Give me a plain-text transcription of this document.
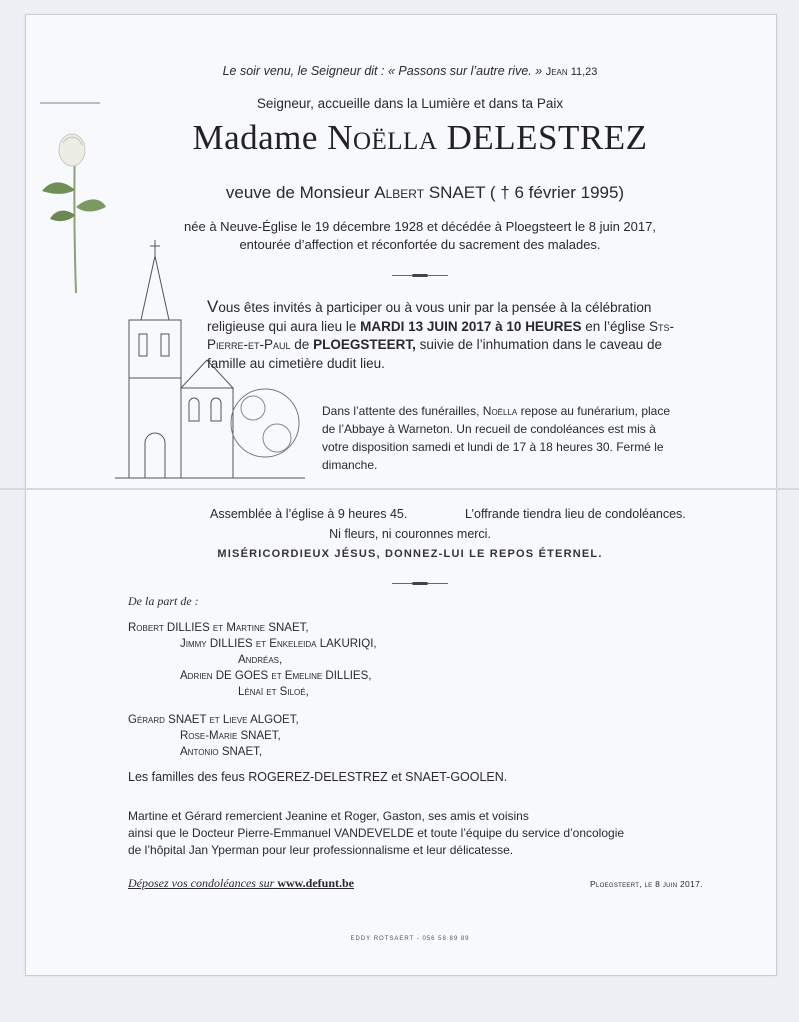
Le soir venu, le Seigneur dit : « Passons sur l’autre rive. » Jean 11,23

Seigneur, accueille dans la Lumière et dans ta Paix

Madame Noëlla DELESTREZ

veuve de Monsieur Albert SNAET ( † 6 février 1995)

née à Neuve-Église le 19 décembre 1928 et décédée à Ploegsteert le 8 juin 2017,

entourée d’affection et réconfortée du sacrement des malades.

Vous êtes invités à participer ou à vous unir par la pensée à la célébration religieuse qui aura lieu le MARDI 13 JUIN 2017 à 10 HEURES en l’église Sts-Pierre-et-Paul de PLOEGSTEERT, suivie de l’inhumation dans le caveau de famille au cimetière dudit lieu.

Dans l’attente des funérailles, Noëlla repose au funérarium, place de l’Abbaye à Warneton. Un recueil de condoléances est mis à votre disposition samedi et lundi de 17 à 18 heures 30. Fermé le dimanche.

Assemblée à l’église à 9 heures 45.	L’offrande tiendra lieu de condoléances.

Ni fleurs, ni couronnes merci.

MISÉRICORDIEUX JÉSUS, DONNEZ-LUI LE REPOS ÉTERNEL.

De la part de :

Robert DILLIES et Martine SNAET,

Jimmy DILLIES et Enkeleida LAKURIQI,

Andréas,

Adrien DE GOES et Emeline DILLIES,

Lénaï et Siloé,

Gérard SNAET et Lieve ALGOET,

Rose-Marie SNAET,

Antonio SNAET,

Les familles des feus ROGEREZ-DELESTREZ et SNAET-GOOLEN.

Martine et Gérard remercient Jeanine et Roger, Gaston, ses amis et voisins
ainsi que le Docteur Pierre-Emmanuel VANDEVELDE et toute l’équipe du service d’oncologie
de l’hôpital Jan Yperman pour leur professionnalisme et leur délicatesse.

Déposez vos condoléances sur www.defunt.be	Ploegsteert, le 8 juin 2017.

EDDY ROTSAERT - 056 58 89 89
